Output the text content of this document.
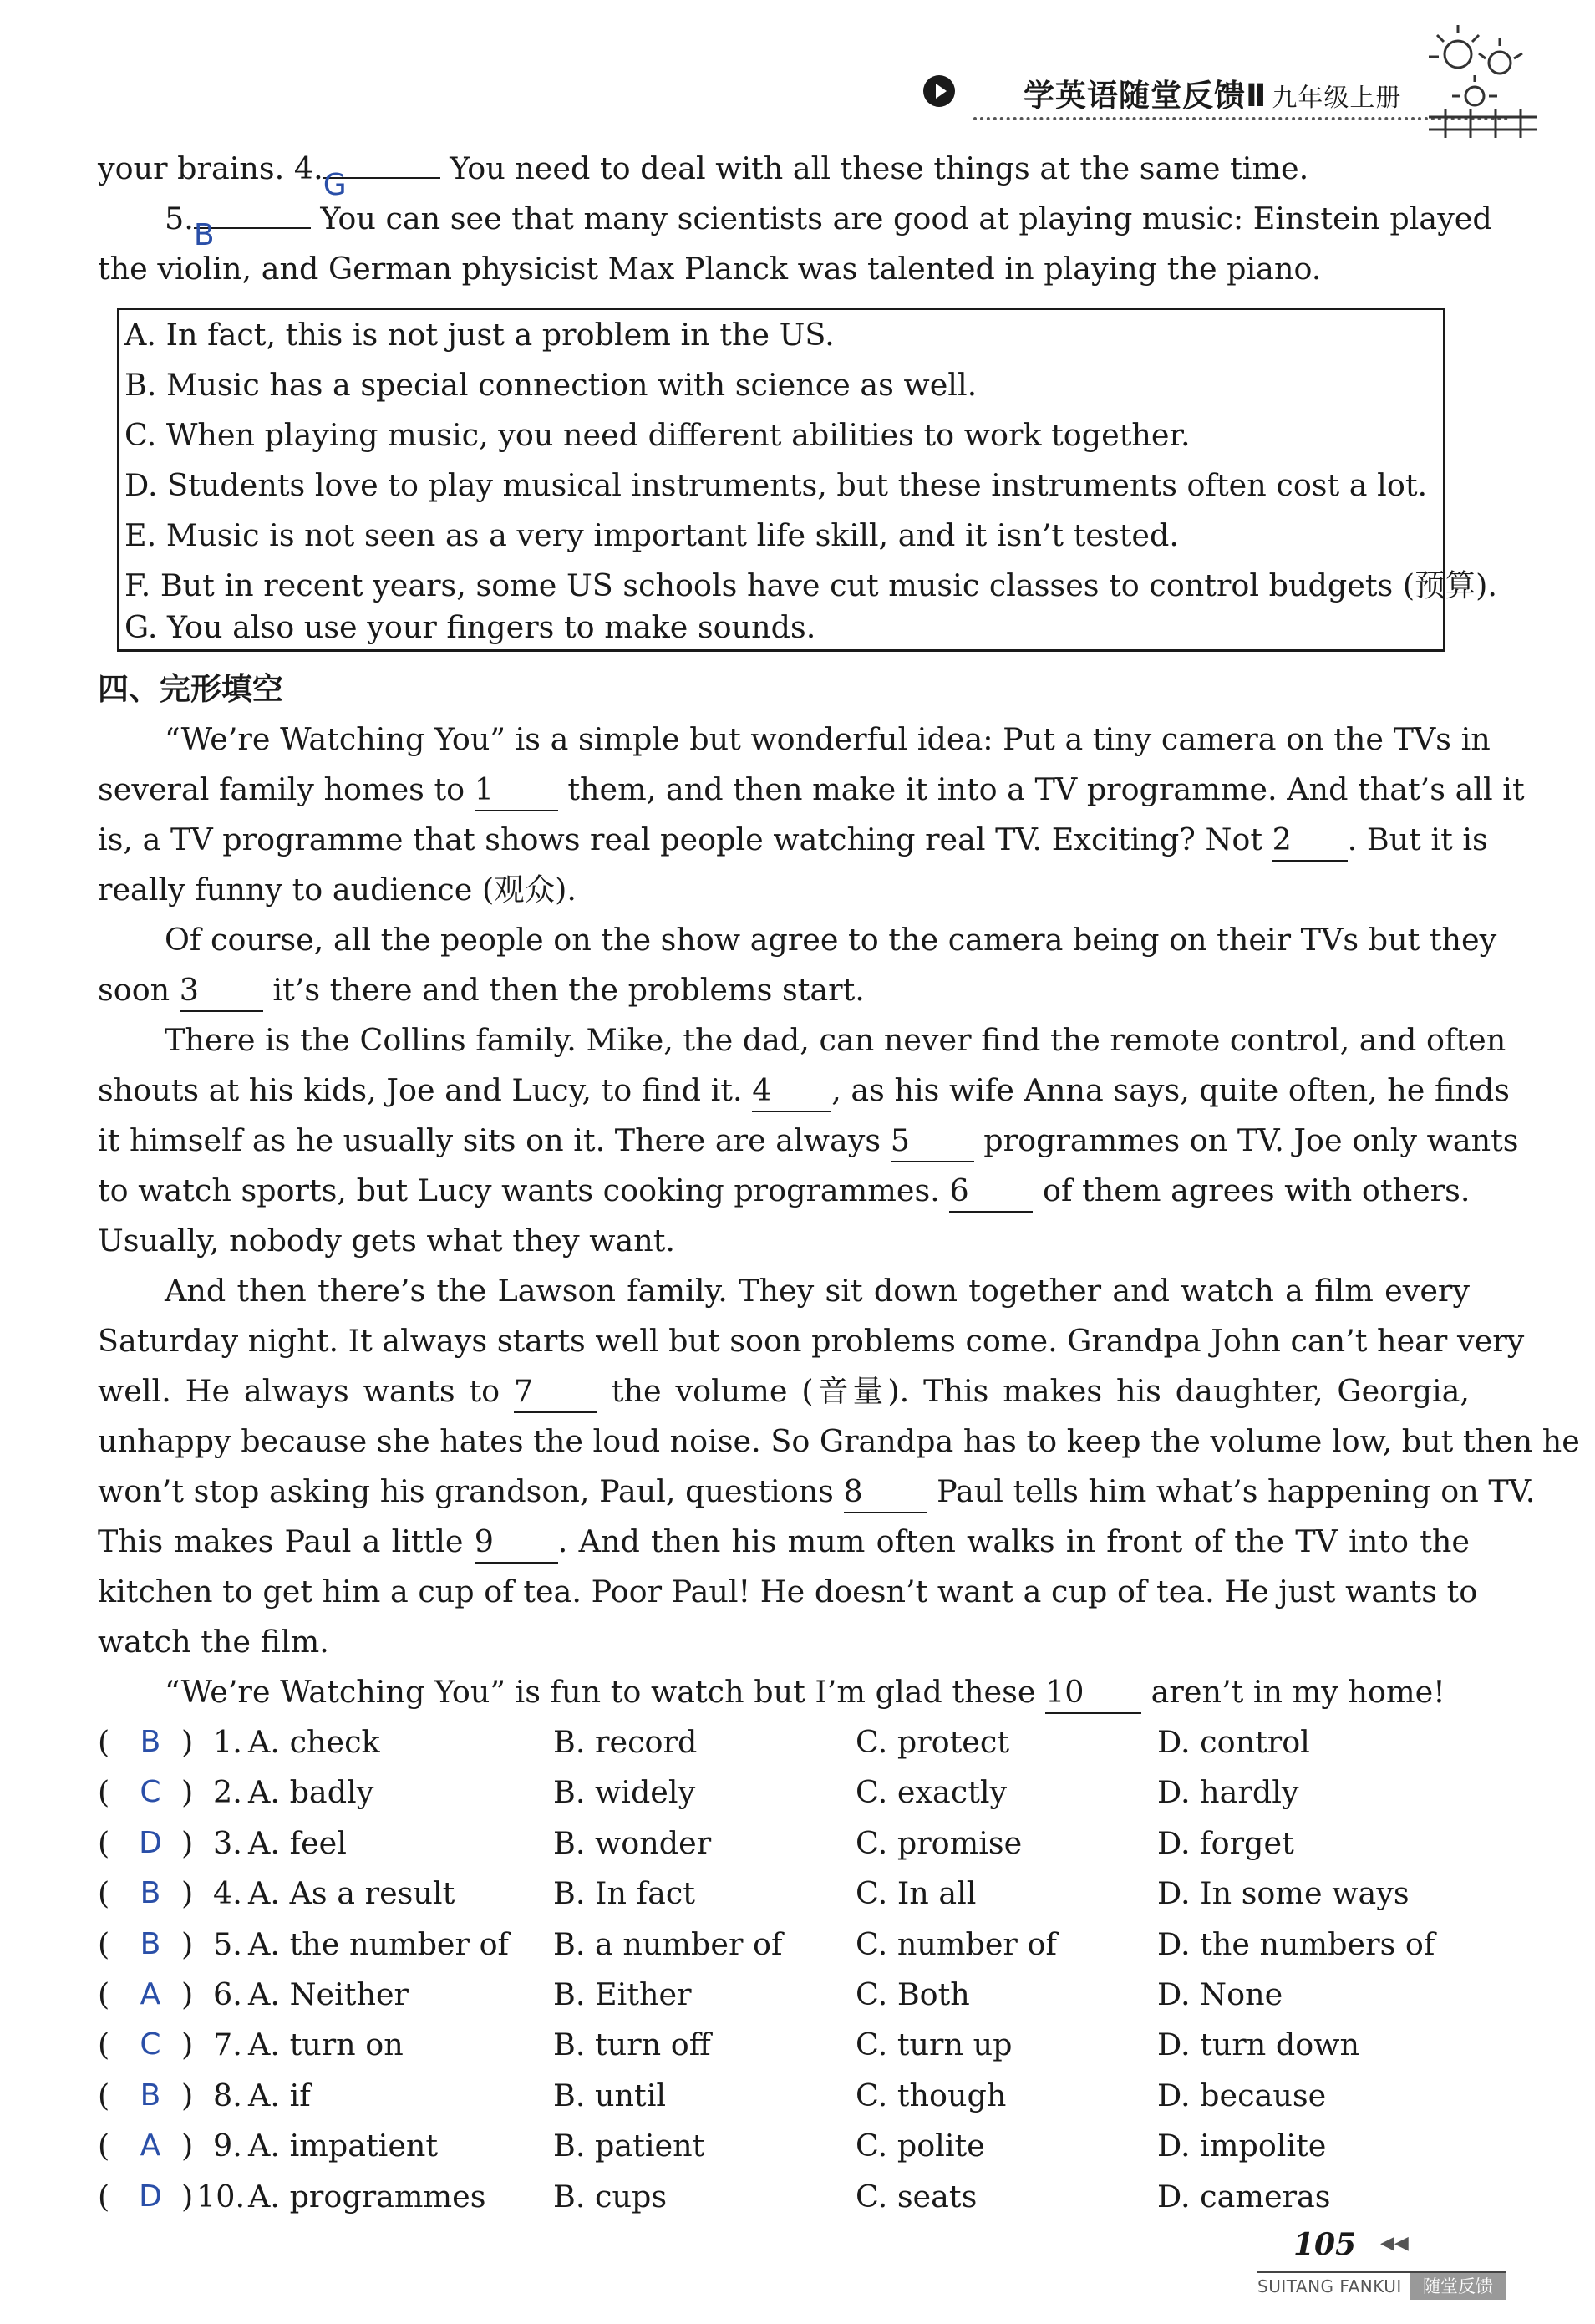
学英语随堂反馈Ⅱ 九年级上册
your brains. 4. G	You need to deal with all these things at the same time.
5. B	You can see that many scientists are good at playing music: Einstein played
the violin, and German physicist Max Planck was talented in playing the piano.
A. In fact, this is not just a problem in the US.
B. Music has a special connection with science as well.
C. When playing music, you need different abilities to work together.
D. Students love to play musical instruments, but these instruments often cost a lot.
E. Music is not seen as a very important life skill, and it isn’t tested.
F. But in recent years, some US schools have cut music classes to control budgets (预算).
G. You also use your fingers to make sounds.
四、完形填空
“We’re Watching You” is a simple but wonderful idea: Put a tiny camera on the TVs in
several family homes to 1 them, and then make it into a TV programme. And that’s all it
is, a TV programme that shows real people watching real TV. Exciting? Not 2 . But it is
really funny to audience (观众).
Of course, all the people on the show agree to the camera being on their TVs but they
soon 3 it’s there and then the problems start.
There is the Collins family. Mike, the dad, can never find the remote control, and often
shouts at his kids, Joe and Lucy, to find it. 4 , as his wife Anna says, quite often, he finds
it himself as he usually sits on it. There are always 5 programmes on TV. Joe only wants
to watch sports, but Lucy wants cooking programmes. 6 of them agrees with others.
Usually, nobody gets what they want.
And then there’s the Lawson family. They sit down together and watch a film every
Saturday night. It always starts well but soon problems come. Grandpa John can’t hear very
well. He always wants to 7 the volume (音量). This makes his daughter, Georgia,
unhappy because she hates the loud noise. So Grandpa has to keep the volume low, but then he
won’t stop asking his grandson, Paul, questions 8 Paul tells him what’s happening on TV.
This makes Paul a little 9 . And then his mum often walks in front of the TV into the
kitchen to get him a cup of tea. Poor Paul! He doesn’t want a cup of tea. He just wants to
watch the film.
“We’re Watching You” is fun to watch but I’m glad these 10 aren’t in my home!
( B ) 1. A. check	B. record	C. protect	D. control
( C ) 2. A. badly	B. widely	C. exactly	D. hardly
( D ) 3. A. feel	B. wonder	C. promise	D. forget
( B ) 4. A. As a result	B. In fact	C. In all	D. In some ways
( B ) 5. A. the number of B. a number of C. number of	D. the numbers of
( A ) 6. A. Neither	B. Either	C. Both	D. None
( C ) 7. A. turn on	B. turn off	C. turn up	D. turn down
( B ) 8. A. if	B. until	C. though	D. because
( A ) 9. A. impatient	B. patient	C. polite	D. impolite
( D ) 10. A. programmes B. cups	C. seats	D. cameras
105 ◀◀
SUITANG FANKUI	随堂反馈
